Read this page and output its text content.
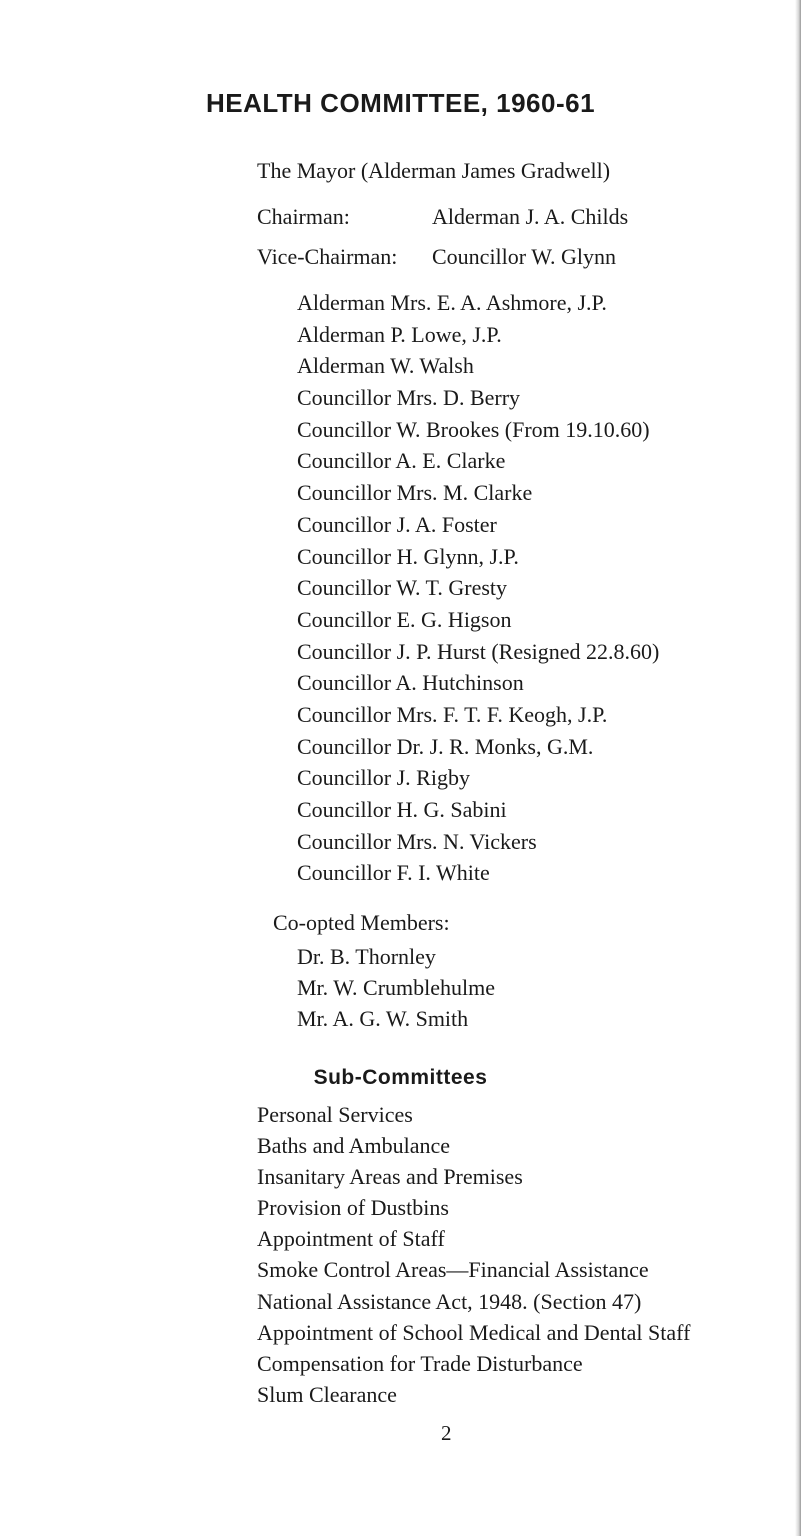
HEALTH COMMITTEE, 1960-61
The Mayor (Alderman James Gradwell)
Chairman:	Alderman J. A. Childs
Vice-Chairman: Councillor W. Glynn
Alderman Mrs. E. A. Ashmore, J.P.
Alderman P. Lowe, J.P.
Alderman W. Walsh
Councillor Mrs. D. Berry
Councillor W. Brookes (From 19.10.60)
Councillor A. E. Clarke
Councillor Mrs. M. Clarke
Councillor J. A. Foster
Councillor H. Glynn, J.P.
Councillor W. T. Gresty
Councillor E. G. Higson
Councillor J. P. Hurst (Resigned 22.8.60)
Councillor A. Hutchinson
Councillor Mrs. F. T. F. Keogh, J.P.
Councillor Dr. J. R. Monks, G.M.
Councillor J. Rigby
Councillor H. G. Sabini
Councillor Mrs. N. Vickers
Councillor F. I. White
Co-opted Members:
Dr. B. Thornley
Mr. W. Crumblehulme
Mr. A. G. W. Smith
Sub-Committees
Personal Services
Baths and Ambulance
Insanitary Areas and Premises
Provision of Dustbins
Appointment of Staff
Smoke Control Areas—Financial Assistance
National Assistance Act, 1948. (Section 47)
Appointment of School Medical and Dental Staff
Compensation for Trade Disturbance
Slum Clearance
2
